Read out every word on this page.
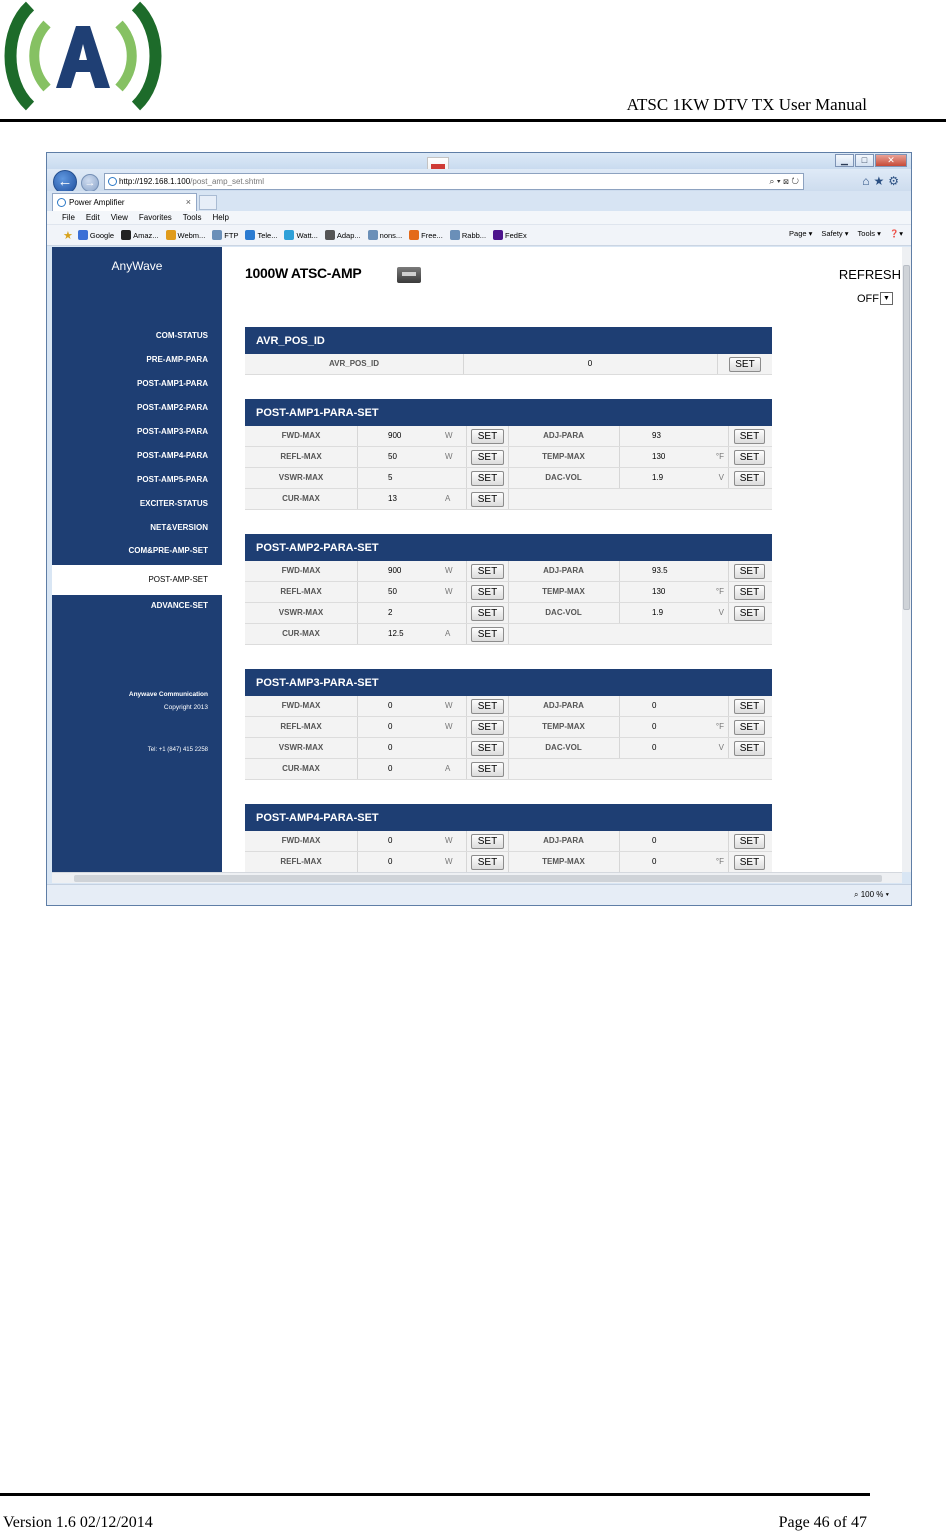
ATSC 1KW DTV TX User Manual
▁	□	✕
←	→	http://192.168.1.100/post_amp_set.shtml	⌕ ▾ ⊠ ↻	⌂★⚙
Power Amplifier	×
File Edit View Favorites Tools Help
★ Google	Amaz...	Webm...	FTP	Tele...	Watt...	Adap...	nons...	Free...	Rabb...	FedEx	Page ▾ Safety ▾ Tools ▾ ❓▾
AnyWave
COM-STATUS
PRE-AMP-PARA
POST-AMP1-PARA
POST-AMP2-PARA
POST-AMP3-PARA
POST-AMP4-PARA
POST-AMP5-PARA
EXCITER-STATUS
NET&VERSION
COM&PRE-AMP-SET
POST-AMP-SET
ADVANCE-SET
Anywave Communication
Copyright 2013
Tel: +1 (847) 415 2258
1000W ATSC-AMP	REFRESH
OFF ▼
AVR_POS_ID
AVR_POS_ID	0	SET
POST-AMP1-PARA-SET
FWD-MAX	900	W	SET	ADJ-PARA	93	SET
REFL-MAX	50	W	SET	TEMP-MAX	130	°F	SET
VSWR-MAX	5	SET	DAC-VOL	1.9	V	SET
CUR-MAX	13	A	SET
POST-AMP2-PARA-SET
FWD-MAX	900	W	SET	ADJ-PARA	93.5	SET
REFL-MAX	50	W	SET	TEMP-MAX	130	°F	SET
VSWR-MAX	2	SET	DAC-VOL	1.9	V	SET
CUR-MAX	12.5	A	SET
POST-AMP3-PARA-SET
FWD-MAX	0	W	SET	ADJ-PARA	0	SET
REFL-MAX	0	W	SET	TEMP-MAX	0	°F	SET
VSWR-MAX	0	SET	DAC-VOL	0	V	SET
CUR-MAX	0	A	SET
POST-AMP4-PARA-SET
FWD-MAX	0	W	SET	ADJ-PARA	0	SET
REFL-MAX	0	W	SET	TEMP-MAX	0	°F	SET
⌕ 100 % ▾
Version 1.6 02/12/2014	Page 46 of 47
